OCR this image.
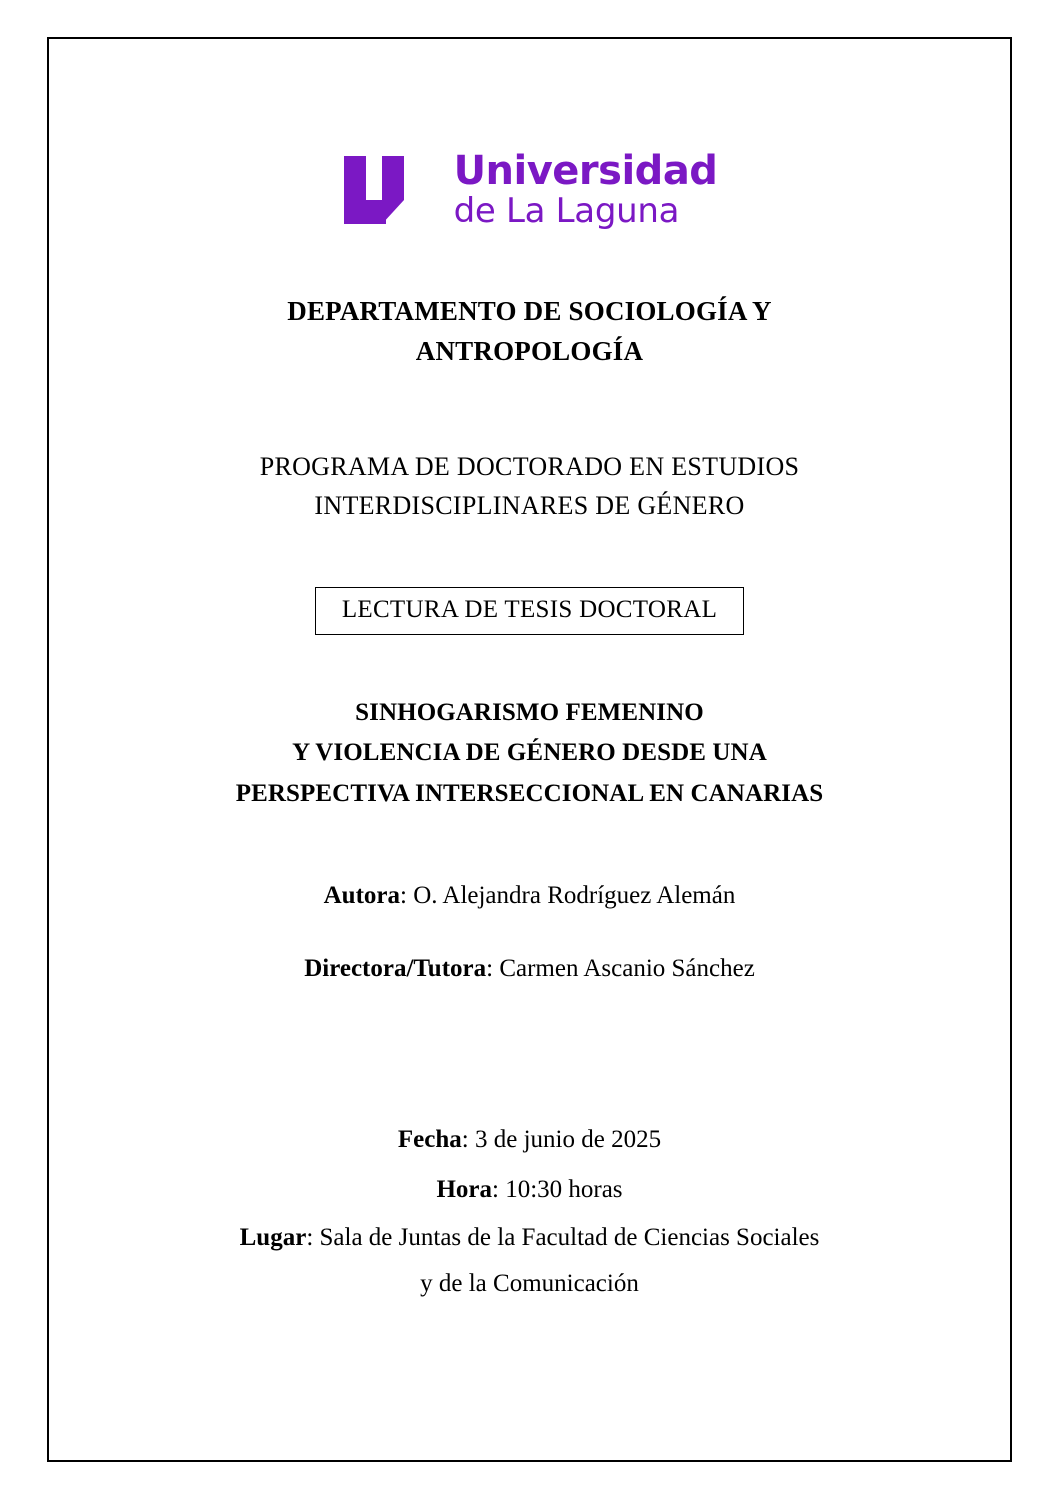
Universidad
de La Laguna
DEPARTAMENTO DE SOCIOLOGÍA Y
ANTROPOLOGÍA
PROGRAMA DE DOCTORADO EN ESTUDIOS
INTERDISCIPLINARES DE GÉNERO
LECTURA DE TESIS DOCTORAL
SINHOGARISMO FEMENINO
Y VIOLENCIA DE GÉNERO DESDE UNA
PERSPECTIVA INTERSECCIONAL EN CANARIAS
Autora: O. Alejandra Rodríguez Alemán
Directora/Tutora: Carmen Ascanio Sánchez
Fecha: 3 de junio de 2025
Hora: 10:30 horas
Lugar: Sala de Juntas de la Facultad de Ciencias Sociales
y de la Comunicación
